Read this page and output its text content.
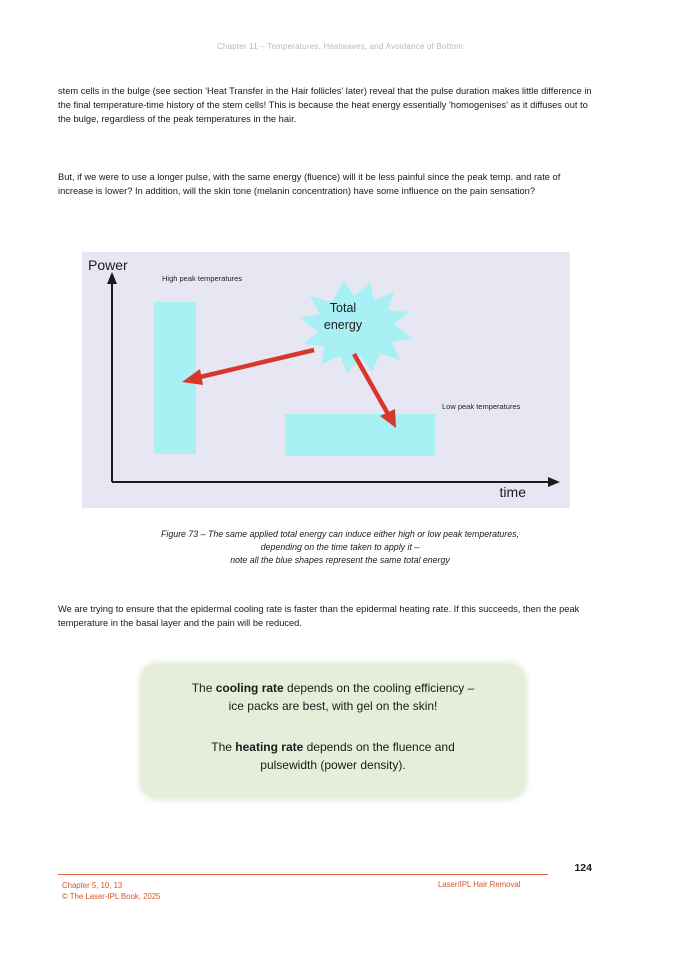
Chapter 11 – Temperatures, Heatwaves, and Avoidance of Bottom

stem cells in the bulge (see section 'Heat Transfer in the Hair follicles' later) reveal that the pulse duration makes little difference in the final temperature-time history of the stem cells! This is because the heat energy essentially 'homogenises' as it diffuses out to the bulge, regardless of the peak temperatures in the hair.

But, if we were to use a longer pulse, with the same energy (fluence) will it be less painful since the peak temp. and rate of increase is lower? In addition, will the skin tone (melanin concentration) have some influence on the pain sensation?

Power
time
High peak temperatures
Low peak temperatures
Total energy
Figure 73 – The same applied total energy can induce either high or low peak temperatures,
depending on the time taken to apply it –
note all the blue shapes represent the same total energy

We are trying to ensure that the epidermal cooling rate is faster than the epidermal heating rate. If this succeeds, then the peak temperature in the basal layer and the pain will be reduced.

The cooling rate depends on the cooling efficiency –
ice packs are best, with gel on the skin!

The heating rate depends on the fluence and
pulsewidth (power density).

124
Chapter 5, 10, 13
© The Laser-IPL Book, 2025
Laser/IPL Hair Removal
